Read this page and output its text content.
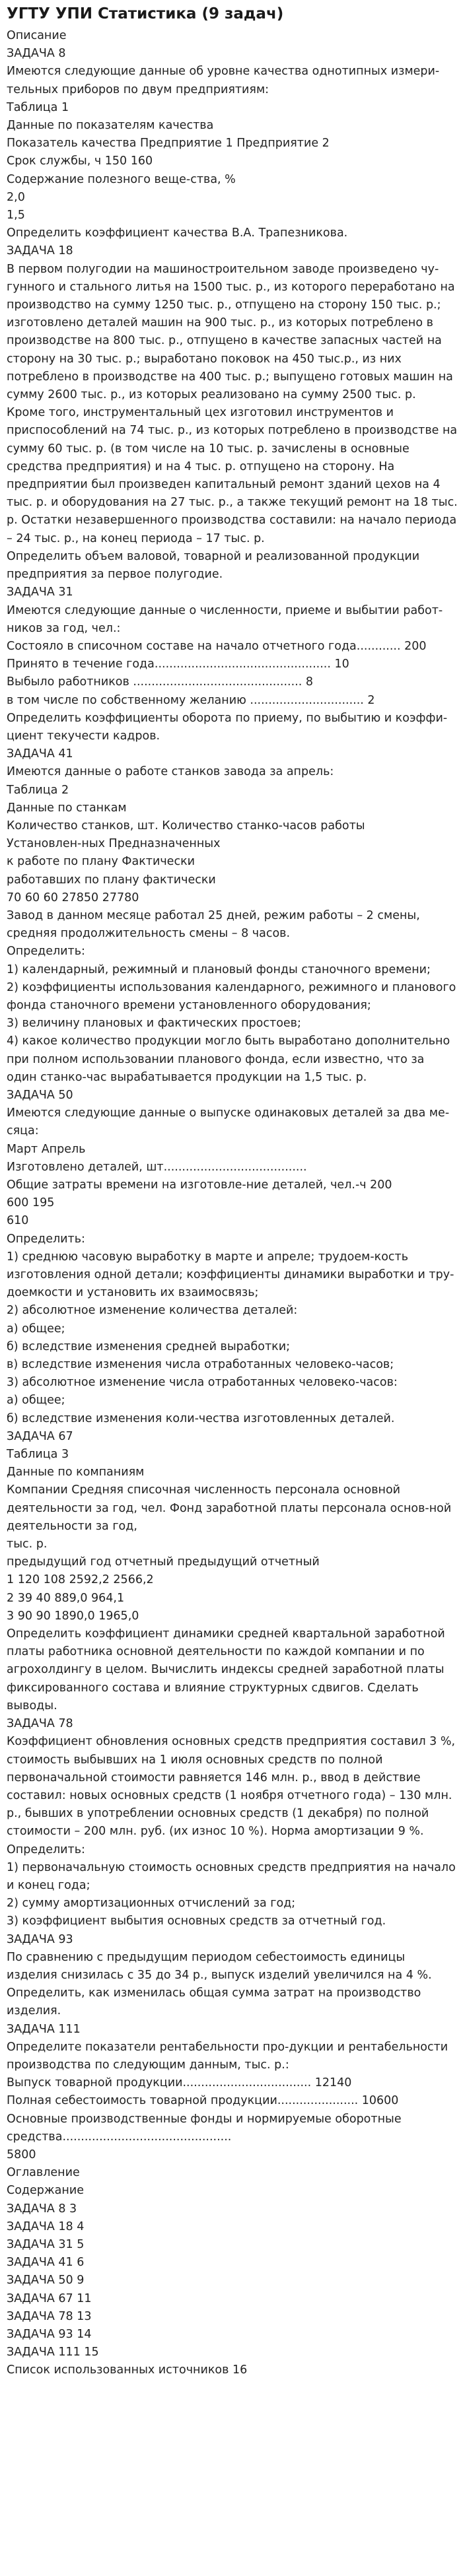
УГТУ УПИ Статистика (9 задач)

Описание

ЗАДАЧА 8

Имеются следующие данные об уровне качества однотипных измери-тельных приборов по двум предприятиям:

Таблица 1

Данные по показателям качества

Показатель качества Предприятие 1 Предприятие 2

Срок службы, ч 150 160

Содержание полезного веще-ства, %

2,0

1,5

Определить коэффициент качества В.А. Трапезникова.

ЗАДАЧА 18

В первом полугодии на машиностроительном заводе произведено чу-гунного и стального литья на 1500 тыс. р., из которого переработано на производство на сумму 1250 тыс. р., отпущено на сторону 150 тыс. р.; изготовлено деталей машин на 900 тыс. р., из которых потреблено в производстве на 800 тыс. р., отпущено в качестве запасных частей на сторону на 30 тыс. р.; выработано поковок на 450 тыс.р., из них потреблено в производстве на 400 тыс. р.; выпущено готовых машин на сумму 2600 тыс. р., из которых реализовано на сумму 2500 тыс. р. Кроме того, инструментальный цех изготовил инструментов и приспособлений на 74 тыс. р., из которых потреблено в производстве на сумму 60 тыс. р. (в том числе на 10 тыс. р. зачислены в основные средства предприятия) и на 4 тыс. р. отпущено на сторону. На предприятии был произведен капитальный ремонт зданий цехов на 4 тыс. р. и оборудования на 27 тыс. р., а также текущий ремонт на 18 тыс. р. Остатки незавершенного производства составили: на начало периода – 24 тыс. р., на конец периода – 17 тыс. р.

Определить объем валовой, товарной и реализованной продукции предприятия за первое полугодие.

ЗАДАЧА 31

Имеются следующие данные о численности, приеме и выбытии работ-ников за год, чел.:

Состояло в списочном составе на начало отчетного года............ 200

Принято в течение года................................................ 10

Выбыло работников .............................................. 8

в том числе по собственному желанию ............................... 2

Определить коэффициенты оборота по приему, по выбытию и коэффи-циент текучести кадров.

ЗАДАЧА 41

Имеются данные о работе станков завода за апрель:

Таблица 2

Данные по станкам

Количество станков, шт. Количество станко-часов работы

Установлен-ных Предназначенных

к работе по плану Фактически

работавших по плану фактически

70 60 60 27850 27780

Завод в данном месяце работал 25 дней, режим работы – 2 смены, средняя продолжительность смены – 8 часов.

Определить:

1) календарный, режимный и плановый фонды станочного времени;

2) коэффициенты использования календарного, режимного и планового фонда станочного времени установленного оборудования;

3) величину плановых и фактических простоев;

4) какое количество продукции могло быть выработано дополнительно при полном использовании планового фонда, если известно, что за один станко-час вырабатывается продукции на 1,5 тыс. р.

ЗАДАЧА 50

Имеются следующие данные о выпуске одинаковых деталей за два ме-сяца:

Март Апрель

Изготовлено деталей, шт.......................................

Общие затраты времени на изготовле-ние деталей, чел.-ч 200

600 195

610

Определить:

1) среднюю часовую выработку в марте и апреле; трудоем-кость изготовления одной детали; коэффициенты динамики выработки и тру-доемкости и установить их взаимосвязь;

2) абсолютное изменение количества деталей:

а) общее;

б) вследствие изменения средней выработки;

в) вследствие изменения числа отработанных человеко-часов;

3) абсолютное изменение числа отработанных человеко-часов:

а) общее;

б) вследствие изменения коли-чества изготовленных деталей.

ЗАДАЧА 67

Таблица 3

Данные по компаниям

Компании Средняя списочная численность персонала основной деятельности за год, чел. Фонд заработной платы персонала основ-ной деятельности за год,

тыс. р.

предыдущий год отчетный предыдущий отчетный

1 120 108 2592,2 2566,2

2 39 40 889,0 964,1

3 90 90 1890,0 1965,0

Определить коэффициент динамики средней квартальной заработной платы работника основной деятельности по каждой компании и по агрохолдингу в целом. Вычислить индексы средней заработной платы фиксированного состава и влияние структурных сдвигов. Сделать выводы.

ЗАДАЧА 78

Коэффициент обновления основных средств предприятия составил 3 %, стоимость выбывших на 1 июля основных средств по полной первоначальной стоимости равняется 146 млн. р., ввод в действие составил: новых основных средств (1 ноября отчетного года) – 130 млн. р., бывших в употреблении основных средств (1 декабря) по полной стоимости – 200 млн. руб. (их износ 10 %). Норма амортизации 9 %.

Определить:

1) первоначальную стоимость основных средств предприятия на начало и конец года;

2) сумму амортизационных отчислений за год;

3) коэффициент выбытия основных средств за отчетный год.

ЗАДАЧА 93

По сравнению с предыдущим периодом себестоимость единицы изделия снизилась с 35 до 34 р., выпуск изделий увеличился на 4 %. Определить, как изменилась общая сумма затрат на производство изделия.

ЗАДАЧА 111

Определите показатели рентабельности про-дукции и рентабельности производства по следующим данным, тыс. р.:

Выпуск товарной продукции................................... 12140

Полная себестоимость товарной продукции...................... 10600

Основные производственные фонды и нормируемые оборотные средства..............................................

5800

Оглавление

Содержание

ЗАДАЧА 8 3

ЗАДАЧА 18 4

ЗАДАЧА 31 5

ЗАДАЧА 41 6

ЗАДАЧА 50 9

ЗАДАЧА 67 11

ЗАДАЧА 78 13

ЗАДАЧА 93 14

ЗАДАЧА 111 15

Список использованных источников 16
